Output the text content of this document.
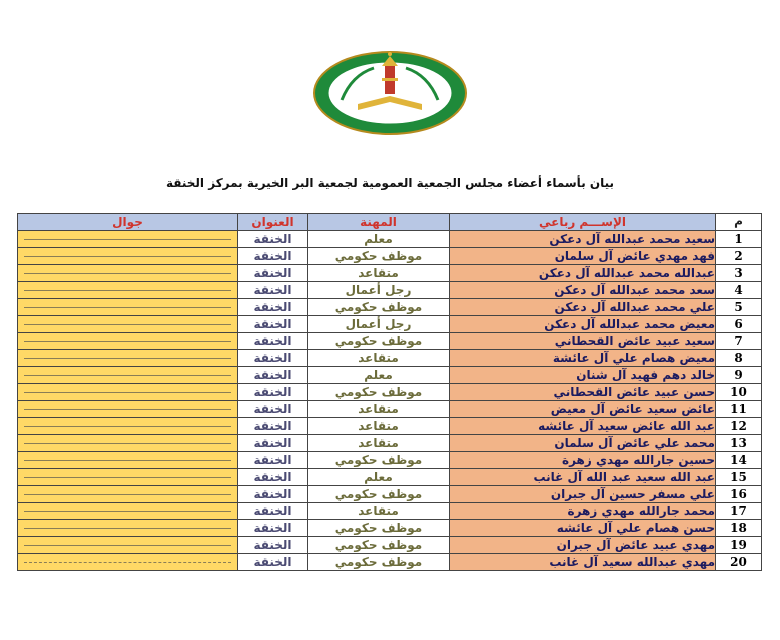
بيان بأسماء أعضاء مجلس الجمعية العمومية لجمعية البر الخيرية بمركز الخنقة
م	الإســـم رباعي	المهنة	العنوان	جوال
1	سعيد محمد عبدالله آل دعكن	معلم	الخنقة	

2	فهد مهدي عائض آل سلمان	موظف حكومي	الخنقة	

3	عبدالله محمد عبدالله آل دعكن	متقاعد	الخنقة	

4	سعد محمد عبدالله آل دعكن	رجل أعمال	الخنقة	

5	علي محمد عبدالله آل دعكن	موظف حكومي	الخنقة	

6	معيض محمد عبدالله آل دعكن	رجل أعمال	الخنقة	

7	سعيد عبيد عائض القحطاني	موظف حكومي	الخنقة	

8	معيض هصام علي آل عائشة	متقاعد	الخنقة	

9	خالد دهم فهيد آل شنان	معلم	الخنقة	

10	حسن عبيد عائض القحطاني	موظف حكومي	الخنقة	

11	عائض سعيد عائض آل معيض	متقاعد	الخنقة	

12	عبد الله عائض سعيد آل عائشه	متقاعد	الخنقة	

13	محمد علي عائض آل سلمان	متقاعد	الخنقة	

14	حسين جارالله مهدي زهرة	موظف حكومي	الخنقة	

15	عبد الله سعيد عبد الله آل غانب	معلم	الخنقة	

16	علي مسفر حسين آل جبران	موظف حكومي	الخنقة	

17	محمد جارالله مهدي زهرة	متقاعد	الخنقة	

18	حسن هصام علي آل عائشه	موظف حكومي	الخنقة	

19	مهدي عبيد عائض آل جبران	موظف حكومي	الخنقة	

20	مهدي عبدالله سعيد آل غانب	موظف حكومي	الخنقة	
